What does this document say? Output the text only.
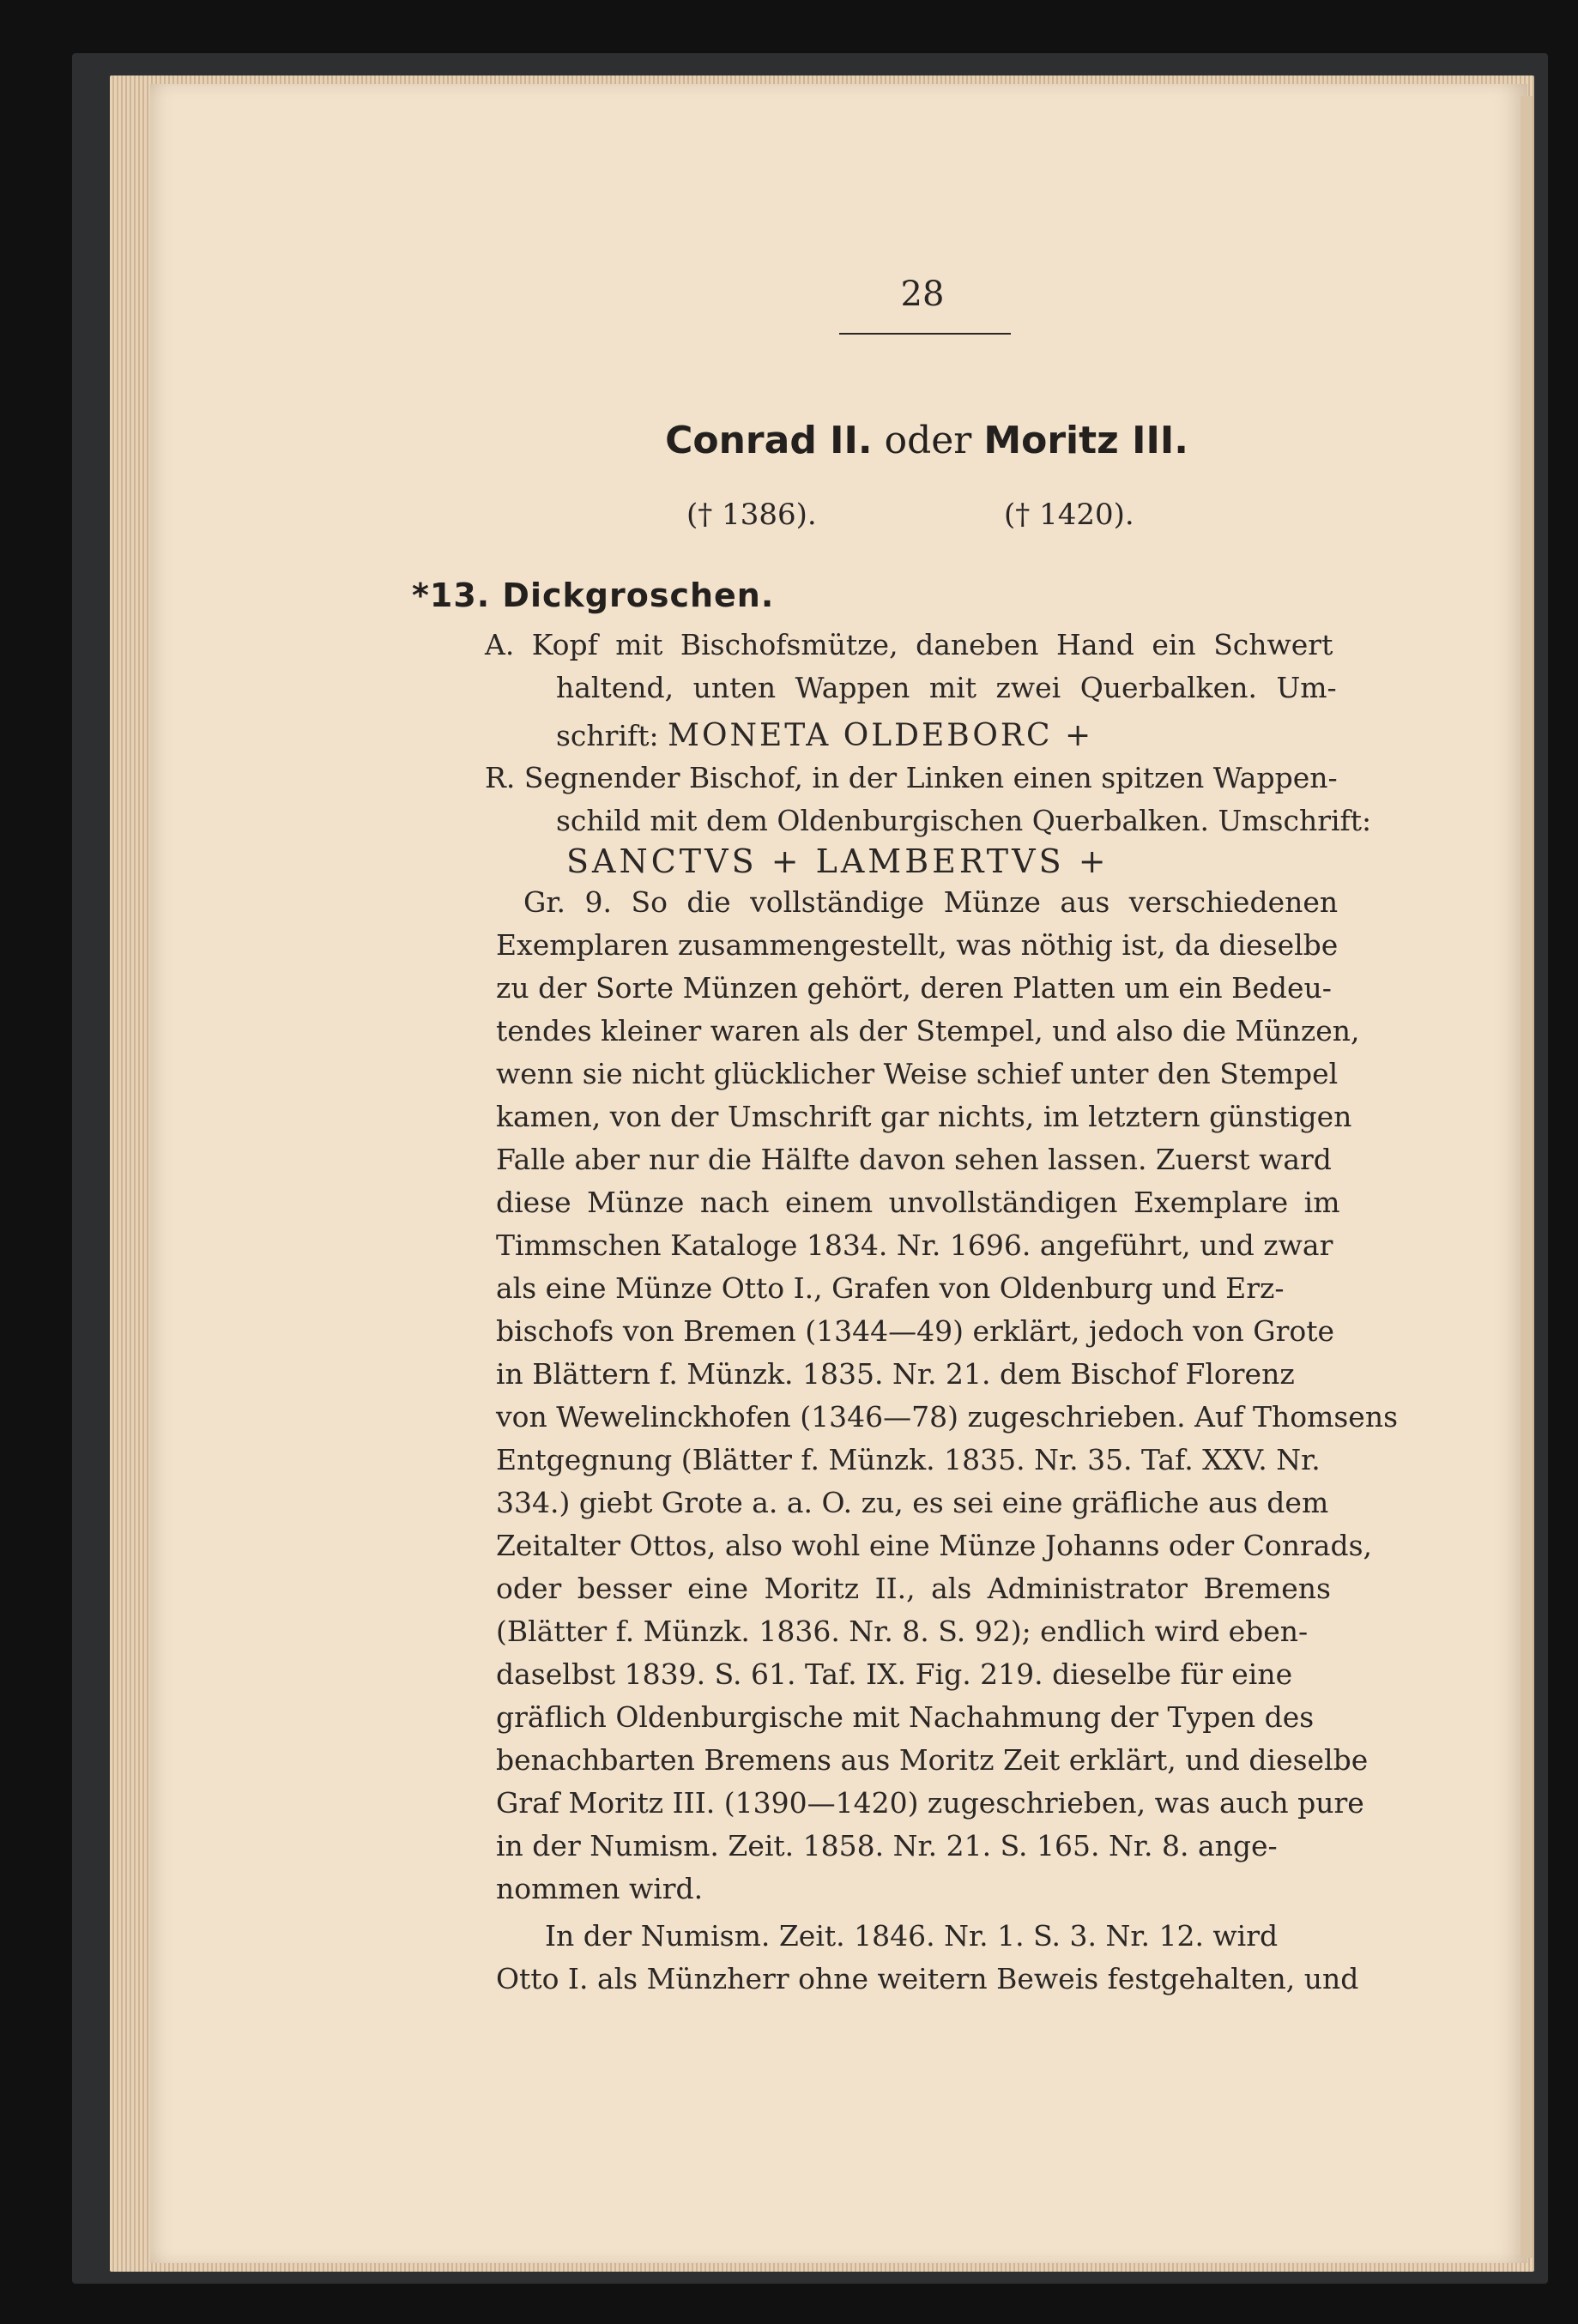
28
Conrad II. oder Moritz III.
(† 1386).	(† 1420).
*13. Dickgroschen.
A. Kopf mit Bischofsmütze, daneben Hand ein Schwert
haltend, unten Wappen mit zwei Querbalken. Um-
schrift: MONETA OLDEBORC +
R. Segnender Bischof, in der Linken einen spitzen Wappen-
schild mit dem Oldenburgischen Querbalken. Umschrift:
SANCTVS + LAMBERTVS +
Gr. 9. So die vollständige Münze aus verschiedenen
Exemplaren zusammengestellt, was nöthig ist, da dieselbe
zu der Sorte Münzen gehört, deren Platten um ein Bedeu-
tendes kleiner waren als der Stempel, und also die Münzen,
wenn sie nicht glücklicher Weise schief unter den Stempel
kamen, von der Umschrift gar nichts, im letztern günstigen
Falle aber nur die Hälfte davon sehen lassen. Zuerst ward
diese Münze nach einem unvollständigen Exemplare im
Timmschen Kataloge 1834. Nr. 1696. angeführt, und zwar
als eine Münze Otto I., Grafen von Oldenburg und Erz-
bischofs von Bremen (1344—49) erklärt, jedoch von Grote
in Blättern f. Münzk. 1835. Nr. 21. dem Bischof Florenz
von Wewelinckhofen (1346—78) zugeschrieben. Auf Thomsens
Entgegnung (Blätter f. Münzk. 1835. Nr. 35. Taf. XXV. Nr.
334.) giebt Grote a. a. O. zu, es sei eine gräfliche aus dem
Zeitalter Ottos, also wohl eine Münze Johanns oder Conrads,
oder besser eine Moritz II., als Administrator Bremens
(Blätter f. Münzk. 1836. Nr. 8. S. 92); endlich wird eben-
daselbst 1839. S. 61. Taf. IX. Fig. 219. dieselbe für eine
gräflich Oldenburgische mit Nachahmung der Typen des
benachbarten Bremens aus Moritz Zeit erklärt, und dieselbe
Graf Moritz III. (1390—1420) zugeschrieben, was auch pure
in der Numism. Zeit. 1858. Nr. 21. S. 165. Nr. 8. ange-
nommen wird.
In der Numism. Zeit. 1846. Nr. 1. S. 3. Nr. 12. wird
Otto I. als Münzherr ohne weitern Beweis festgehalten, und
